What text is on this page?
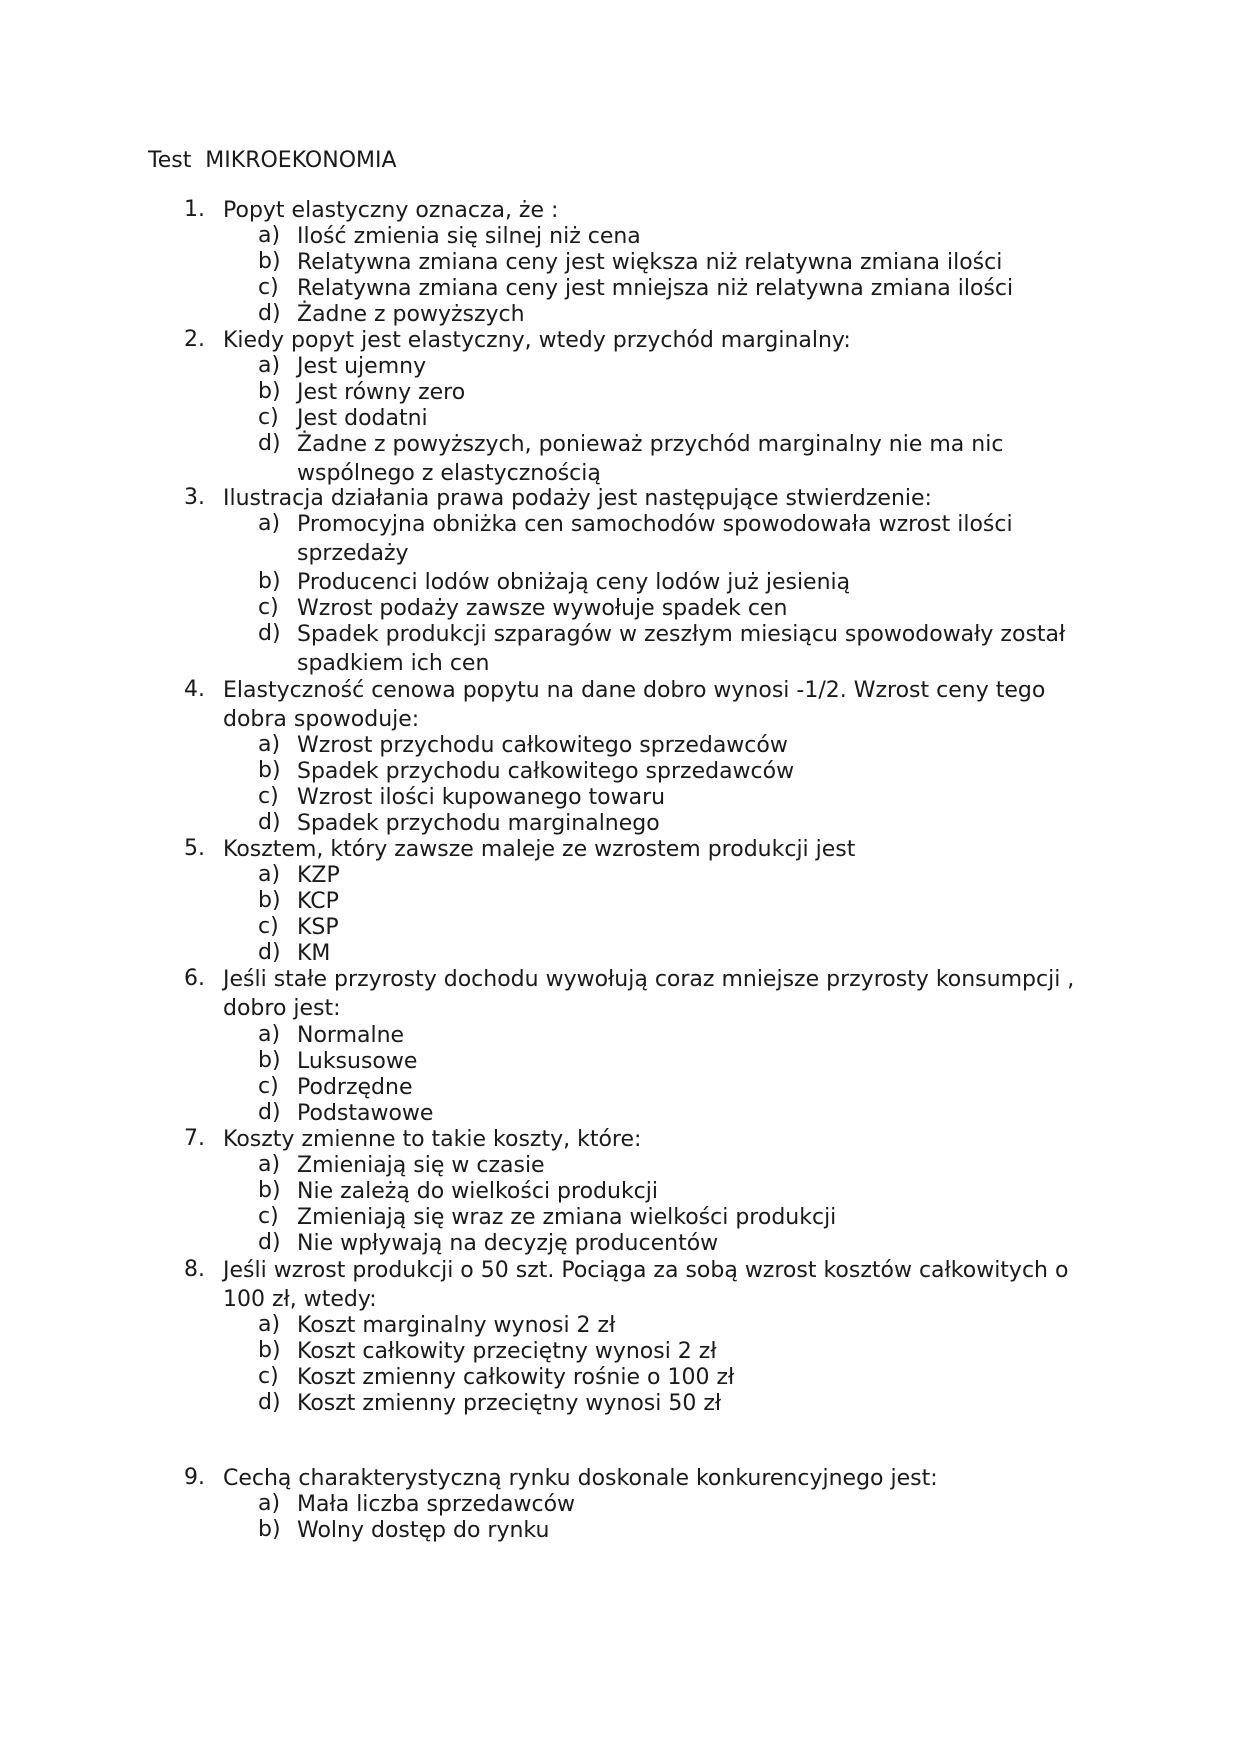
Test  MIKROEKONOMIA
1. Popyt elastyczny oznacza, że :
a) Ilość zmienia się silnej niż cena
b) Relatywna zmiana ceny jest większa niż relatywna zmiana ilości
c) Relatywna zmiana ceny jest mniejsza niż relatywna zmiana ilości
d) Żadne z powyższych
2. Kiedy popyt jest elastyczny, wtedy przychód marginalny:
a) Jest ujemny
b) Jest równy zero
c) Jest dodatni
d) Żadne z powyższych, ponieważ przychód marginalny nie ma nic wspólnego z elastycznością
3. Ilustracja działania prawa podaży jest następujące stwierdzenie:
a) Promocyjna obniżka cen samochodów spowodowała wzrost ilości sprzedaży
b) Producenci lodów obniżają ceny lodów już jesienią
c) Wzrost podaży zawsze wywołuje spadek cen
d) Spadek produkcji szparagów w zeszłym miesiącu spowodowały został spadkiem ich cen
4. Elastyczność cenowa popytu na dane dobro wynosi -1/2. Wzrost ceny tego dobra spowoduje:
a) Wzrost przychodu całkowitego sprzedawców
b) Spadek przychodu całkowitego sprzedawców
c) Wzrost ilości kupowanego towaru
d) Spadek przychodu marginalnego
5. Kosztem, który zawsze maleje ze wzrostem produkcji jest
a) KZP
b) KCP
c) KSP
d) KM
6. Jeśli stałe przyrosty dochodu wywołują coraz mniejsze przyrosty konsumpcji , dobro jest:
a) Normalne
b) Luksusowe
c) Podrzędne
d) Podstawowe
7. Koszty zmienne to takie koszty, które:
a) Zmieniają się w czasie
b) Nie zależą do wielkości produkcji
c) Zmieniają się wraz ze zmiana wielkości produkcji
d) Nie wpływają na decyzję producentów
8. Jeśli wzrost produkcji o 50 szt. Pociąga za sobą wzrost kosztów całkowitych o 100 zł, wtedy:
a) Koszt marginalny wynosi 2 zł
b) Koszt całkowity przeciętny wynosi 2 zł
c) Koszt zmienny całkowity rośnie o 100 zł
d) Koszt zmienny przeciętny wynosi 50 zł
9. Cechą charakterystyczną rynku doskonale konkurencyjnego jest:
a) Mała liczba sprzedawców
b) Wolny dostęp do rynku
